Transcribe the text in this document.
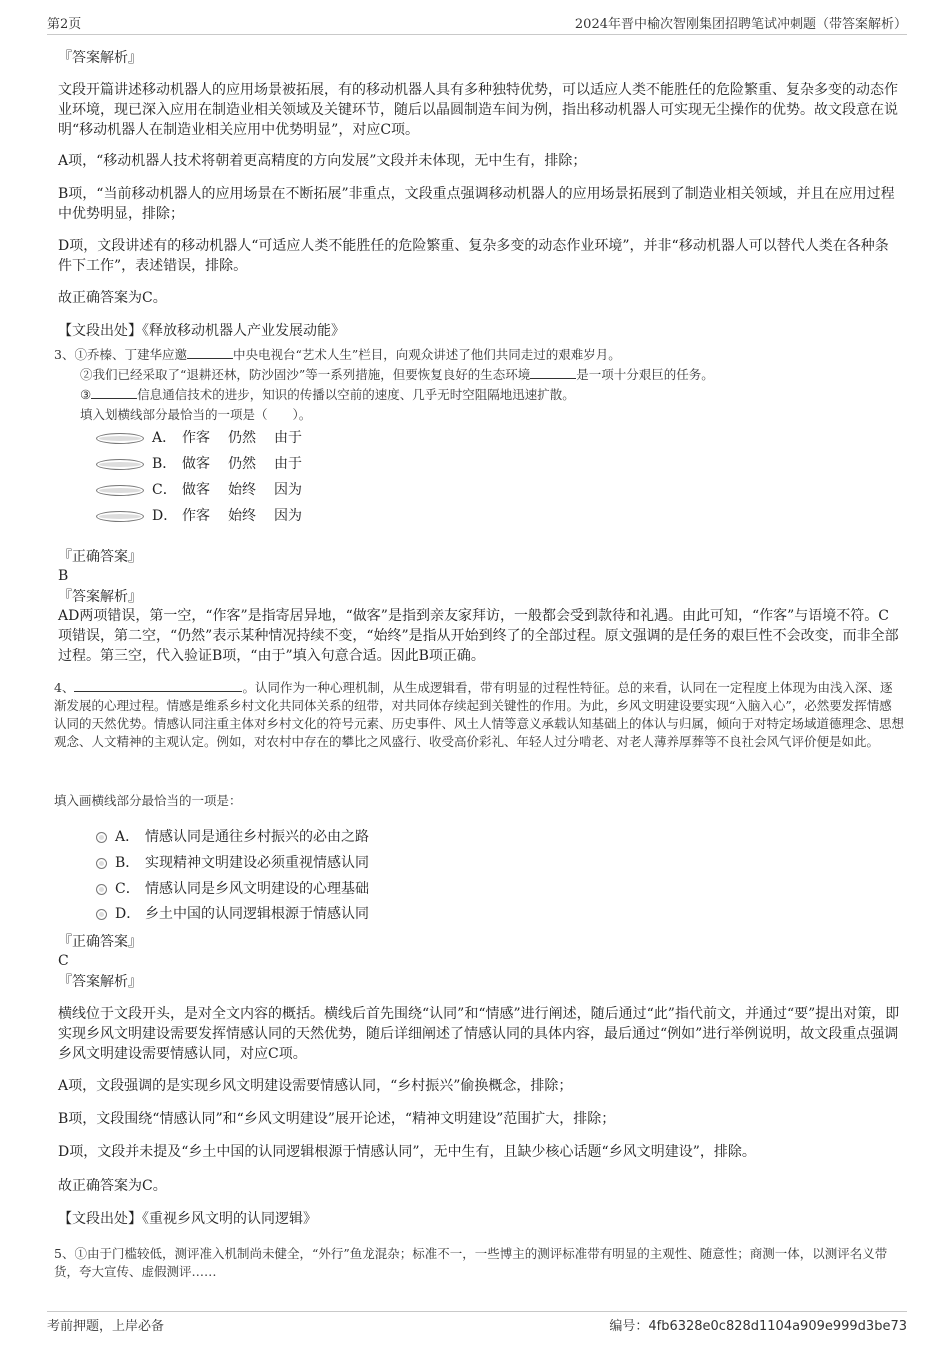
第2页	2024年晋中榆次智刚集团招聘笔试冲刺题（带答案解析）

『答案解析』

文段开篇讲述移动机器人的应用场景被拓展，有的移动机器人具有多种独特优势，可以适应人类不能胜任的危险繁重、复杂多变的动态作业环境，现已深入应用在制造业相关领域及关键环节，随后以晶圆制造车间为例，指出移动机器人可实现无尘操作的优势。故文段意在说明“移动机器人在制造业相关应用中优势明显”，对应C项。

A项，“移动机器人技术将朝着更高精度的方向发展”文段并未体现，无中生有，排除；

B项，“当前移动机器人的应用场景在不断拓展”非重点，文段重点强调移动机器人的应用场景拓展到了制造业相关领域，并且在应用过程中优势明显，排除；

D项，文段讲述有的移动机器人“可适应人类不能胜任的危险繁重、复杂多变的动态作业环境”，并非“移动机器人可以替代人类在各种条件下工作”，表述错误，排除。

故正确答案为C。

【文段出处】《释放移动机器人产业发展动能》

3、①乔榛、丁建华应邀	中央电视台“艺术人生”栏目，向观众讲述了他们共同走过的艰难岁月。

②我们已经采取了“退耕还林，防沙固沙”等一系列措施，但要恢复良好的生态环境	是一项十分艰巨的任务。

③	信息通信技术的进步，知识的传播以空前的速度、几乎无时空阻隔地迅速扩散。

填入划横线部分最恰当的一项是（　　）。

A． 作客 仍然 由于
B． 做客 仍然 由于
C． 做客 始终 因为
D． 作客 始终 因为

『正确答案』

B

『答案解析』

AD两项错误，第一空，“作客”是指寄居异地，“做客”是指到亲友家拜访，一般都会受到款待和礼遇。由此可知，“作客”与语境不符。C项错误，第二空，“仍然”表示某种情况持续不变，“始终”是指从开始到终了的全部过程。原文强调的是任务的艰巨性不会改变，而非全部过程。第三空，代入验证B项，“由于”填入句意合适。因此B项正确。

4、	。认同作为一种心理机制，从生成逻辑看，带有明显的过程性特征。总的来看，认同在一定程度上体现为由浅入深、逐渐发展的心理过程。情感是维系乡村文化共同体关系的纽带，对共同体存续起到关键性的作用。为此，乡风文明建设要实现“入脑入心”，必然要发挥情感认同的天然优势。情感认同注重主体对乡村文化的符号元素、历史事件、风土人情等意义承载认知基础上的体认与归属，倾向于对特定场域道德理念、思想观念、人文精神的主观认定。例如，对农村中存在的攀比之风盛行、收受高价彩礼、年轻人过分啃老、对老人薄养厚葬等不良社会风气评价便是如此。

填入画横线部分最恰当的一项是：

A． 情感认同是通往乡村振兴的必由之路
B． 实现精神文明建设必须重视情感认同
C． 情感认同是乡风文明建设的心理基础
D． 乡土中国的认同逻辑根源于情感认同

『正确答案』

C

『答案解析』

横线位于文段开头，是对全文内容的概括。横线后首先围绕“认同”和“情感”进行阐述，随后通过“此”指代前文，并通过“要”提出对策，即实现乡风文明建设需要发挥情感认同的天然优势，随后详细阐述了情感认同的具体内容，最后通过“例如”进行举例说明，故文段重点强调乡风文明建设需要情感认同，对应C项。

A项，文段强调的是实现乡风文明建设需要情感认同，“乡村振兴”偷换概念，排除；

B项，文段围绕“情感认同”和“乡风文明建设”展开论述，“精神文明建设”范围扩大，排除；

D项，文段并未提及“乡土中国的认同逻辑根源于情感认同”，无中生有，且缺少核心话题“乡风文明建设”，排除。

故正确答案为C。

【文段出处】《重视乡风文明的认同逻辑》

5、①由于门槛较低，测评准入机制尚未健全，“外行”鱼龙混杂；标准不一，一些博主的测评标准带有明显的主观性、随意性；商测一体，以测评名义带货，夸大宣传、虚假测评……

考前押题，上岸必备	编号：4fb6328e0c828d1104a909e999d3be73
